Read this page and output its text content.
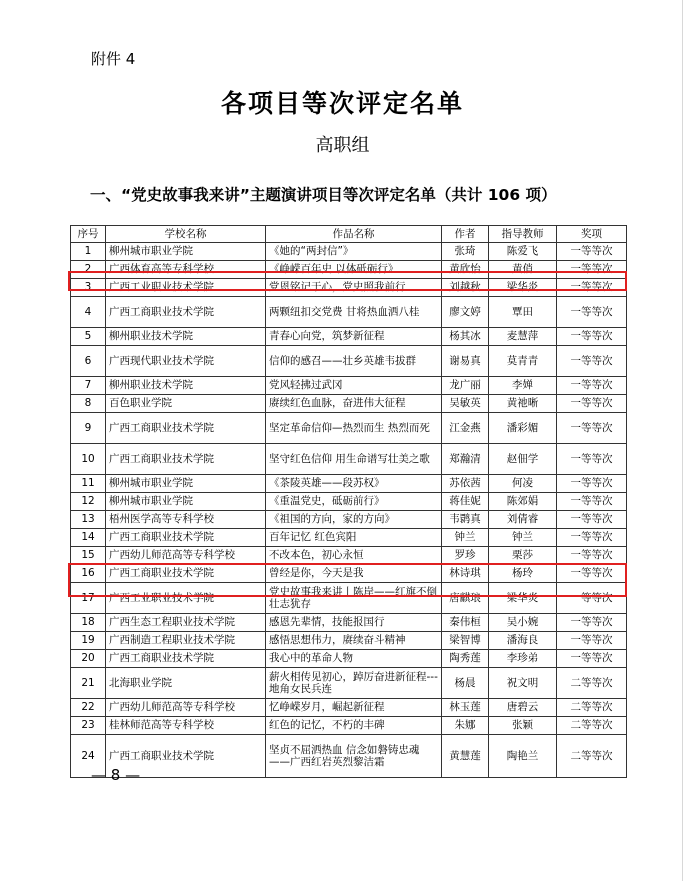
附件 4
各项目等次评定名单
高职组
一、“党史故事我来讲”主题演讲项目等次评定名单（共计 106 项）
序号	学校名称	作品名称	作者	指导教师	奖项
1	柳州城市职业学院	《她的“两封信”》	张琦	陈爱飞	一等等次
2	广西体育高等专科学校	《峥嵘百年史 以体砥砺行》	黄欣怡	黄俏	一等等次
3	广西工业职业技术学院	党恩铭记于心，党史照我前行	刘越秋	梁华炎	一等等次
4	广西工商职业技术学院	两颗纽扣交党费 甘将热血洒八桂	廖文婷	覃田	一等等次
5	柳州职业技术学院	青春心向党，筑梦新征程	杨其冰	麦慧萍	一等等次
6	广西现代职业技术学院	信仰的感召——壮乡英雄韦拔群	谢易真	莫青青	一等等次
7	柳州职业技术学院	党风轻拂过武冈	龙广丽	李婵	一等等次
8	百色职业学院	赓续红色血脉，奋进伟大征程	吴敏英	黄祂晰	一等等次
9	广西工商职业技术学院	坚定革命信仰—热烈而生 热烈而死	江金燕	潘彩媚	一等等次
10	广西工商职业技术学院	坚守红色信仰 用生命谱写壮美之歌	郑瀚清	赵佃学	一等等次
11	柳州城市职业学院	《茶陵英雄——段苏权》	苏依茜	何凌	一等等次
12	柳州城市职业学院	《重温党史，砥砺前行》	蒋佳妮	陈郊娟	一等等次
13	梧州医学高等专科学校	《祖国的方向，家的方向》	韦鹮真	刘倩睿	一等等次
14	广西工商职业技术学院	百年记忆 红色宾阳	钟兰	钟兰	一等等次
15	广西幼儿师范高等专科学校	不改本色，初心永恒	罗珍	栗莎	一等等次
16	广西工商职业技术学院	曾经是你，今天是我	林诗琪	杨玲	一等等次
17	广西工业职业技术学院	党史故事我来讲丨陈岸——红旗不倒 壮志犹存	唐麒琅	梁华炎	一等等次
18	广西生态工程职业技术学院	感恩先辈情，技能报国行	秦伟桓	吴小婉	一等等次
19	广西制造工程职业技术学院	感悟思想伟力，赓续奋斗精神	梁智博	潘海良	一等等次
20	广西工商职业技术学院	我心中的革命人物	陶秀莲	李珍弟	一等等次
21	北海职业学院	薪火相传见初心，踔厉奋进新征程---地角女民兵连	杨晨	祝文明	二等等次
22	广西幼儿师范高等专科学校	忆峥嵘岁月，崛起新征程	林玉莲	唐碧云	二等等次
23	桂林师范高等专科学校	红色的记忆，不朽的丰碑	朱娜	张颖	二等等次
24	广西工商职业技术学院	坚贞不屈洒热血 信念如磐铸忠魂——广西红岩英烈黎洁霜	黄慧莲	陶艳兰	二等等次
— 8 —
